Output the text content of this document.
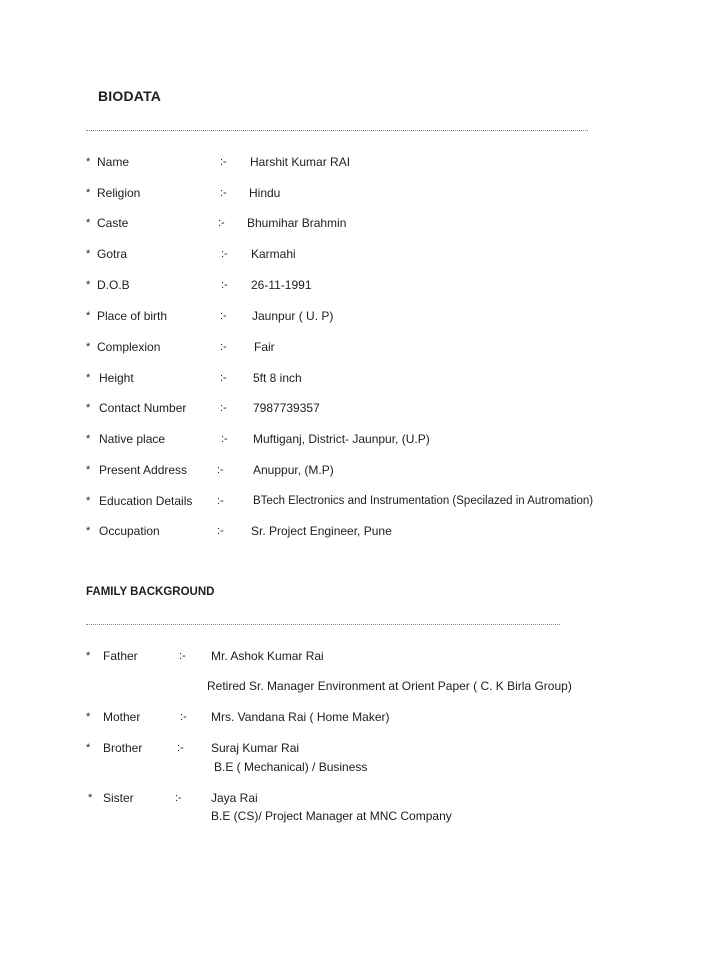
BIODATA
* Name	:- Harshit Kumar RAI
* Religion	:- Hindu
* Caste	:- Bhumihar Brahmin
* Gotra	:- Karmahi
* D.O.B	:- 26-11-1991
* Place of birth	:- Jaunpur ( U. P)
* Complexion	:- Fair
* Height	:- 5ft 8 inch
* Contact Number	:- 7987739357
* Native place	:- Muftiganj, District- Jaunpur, (U.P)
* Present Address	:- Anuppur, (M.P)
* Education Details :-	BTech Electronics and Instrumentation (Specilazed in Autromation)
* Occupation	:- Sr. Project Engineer, Pune
FAMILY BACKGROUND
* Father	:- Mr. Ashok Kumar Rai
Retired Sr. Manager Environment at Orient Paper ( C. K Birla Group)
* Mother	:- Mrs. Vandana Rai ( Home Maker)
* Brother	:- Suraj Kumar Rai
B.E ( Mechanical) / Business
* Sister	:- Jaya Rai
B.E (CS)/ Project Manager at MNC Company
